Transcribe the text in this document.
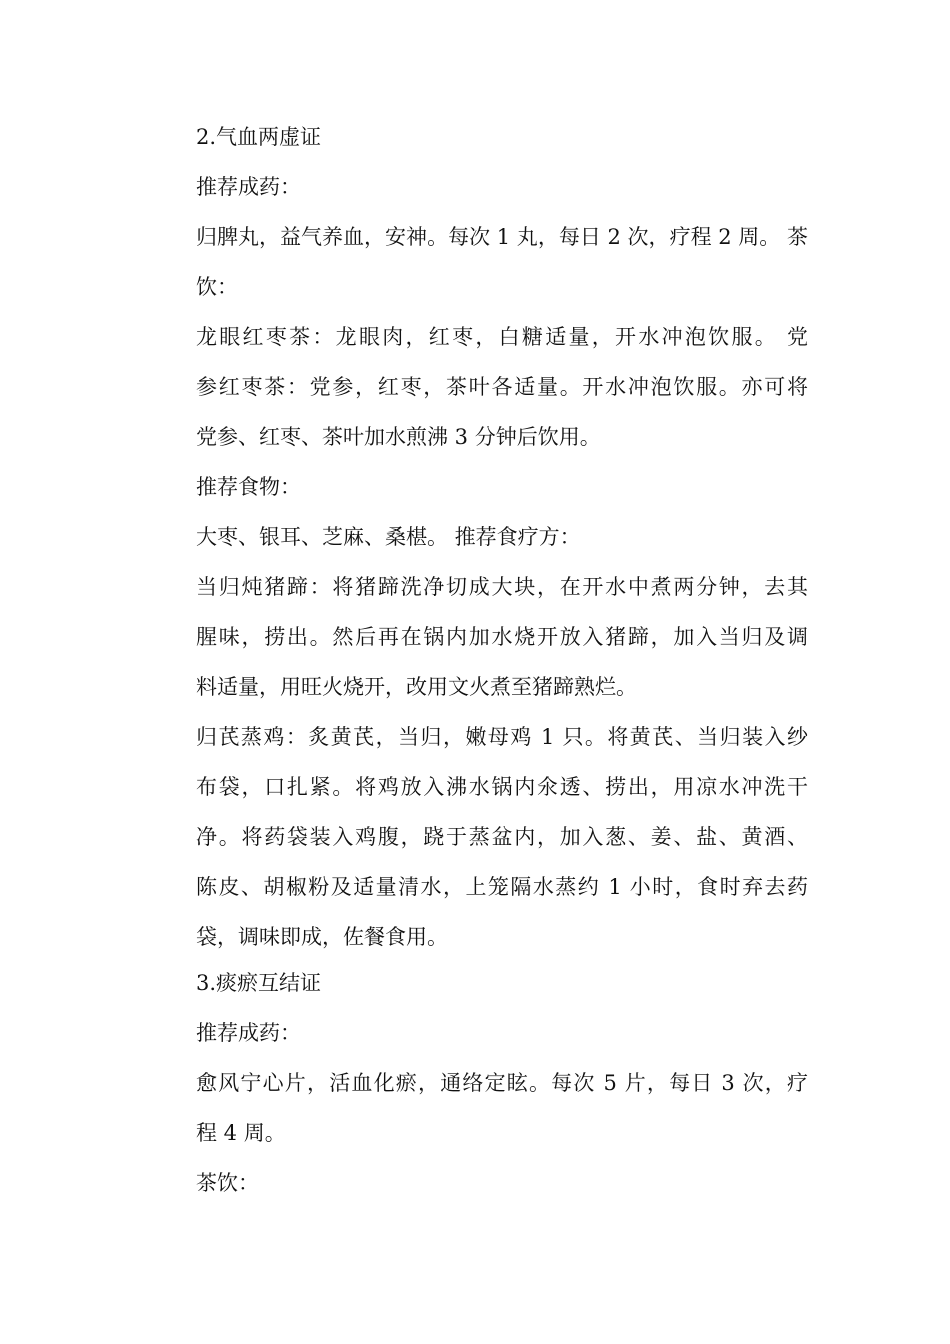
2.气血两虚证
推荐成药：
归脾丸，益气养血，安神。每次 1 丸，每日 2 次，疗程 2 周。 茶
饮：
龙眼红枣茶：龙眼肉，红枣，白糖适量，开水冲泡饮服。 党
参红枣茶：党参，红枣，茶叶各适量。开水冲泡饮服。亦可将
党参、红枣、茶叶加水煎沸 3 分钟后饮用。
推荐食物：
大枣、银耳、芝麻、桑椹。 推荐食疗方：
当归炖猪蹄：将猪蹄洗净切成大块，在开水中煮两分钟，去其
腥味，捞出。然后再在锅内加水烧开放入猪蹄，加入当归及调
料适量，用旺火烧开，改用文火煮至猪蹄熟烂。
归芪蒸鸡：炙黄芪，当归，嫩母鸡 1 只。将黄芪、当归装入纱
布袋，口扎紧。将鸡放入沸水锅内氽透、捞出，用凉水冲洗干
净。将药袋装入鸡腹，跷于蒸盆内，加入葱、姜、盐、黄酒、
陈皮、胡椒粉及适量清水，上笼隔水蒸约 1 小时，食时弃去药
袋，调味即成，佐餐食用。
3.痰瘀互结证
推荐成药：
愈风宁心片，活血化瘀，通络定眩。每次 5 片，每日 3 次，疗
程 4 周。
茶饮：
